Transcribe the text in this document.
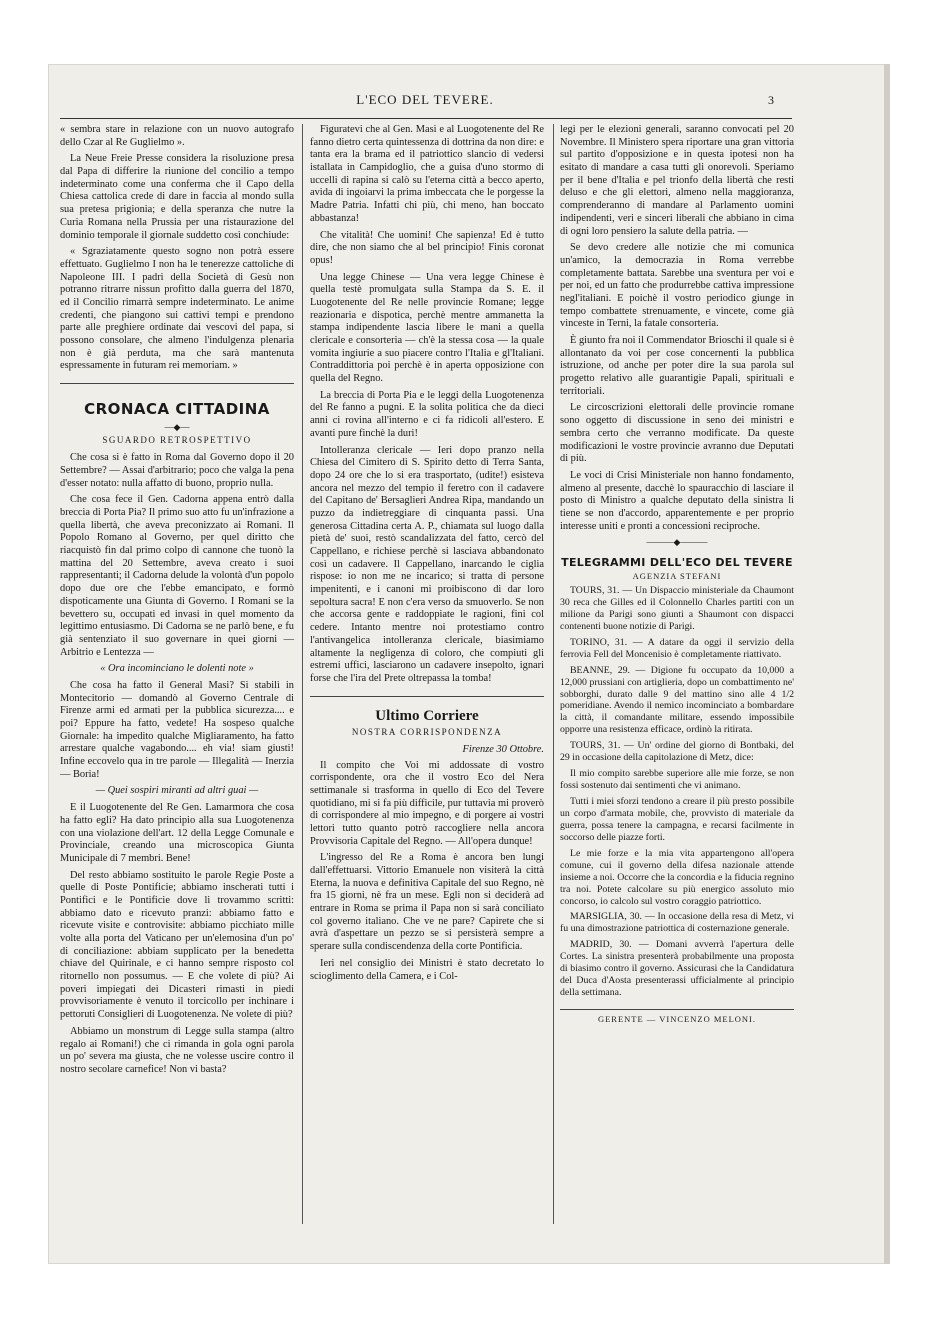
L'ECO DEL TEVERE.	3

« sembra stare in relazione con un nuovo autografo dello Czar al Re Guglielmo ».

La Neue Freie Presse considera la risoluzione presa dal Papa di differire la riunione del concilio a tempo indeterminato come una conferma che il Capo della Chiesa cattolica crede di dare in faccia al mondo sulla sua pretesa prigionia; e della speranza che nutre la Curia Romana nella Prussia per una ristaurazione del dominio temporale il giornale suddetto così conchiude:

« Sgraziatamente questo sogno non potrà essere effettuato. Guglielmo I non ha le tenerezze cattoliche di Napoleone III. I padri della Società di Gesù non potranno ritrarre nissun profitto dalla guerra del 1870, ed il Concilio rimarrà sempre indeterminato. Le anime credenti, che piangono sui cattivi tempi e prendono parte alle preghiere ordinate dai vescovi del papa, si possono consolare, che almeno l'indulgenza plenaria non è già perduta, ma che sarà mantenuta espressamente in futuram rei memoriam. »

CRONACA CITTADINA
—◆—
SGUARDO RETROSPETTIVO

Che cosa si è fatto in Roma dal Governo dopo il 20 Settembre? — Assai d'arbitrario; poco che valga la pena d'esser notato: nulla affatto di buono, proprio nulla.

Che cosa fece il Gen. Cadorna appena entrò dalla breccia di Porta Pia? Il primo suo atto fu un'infrazione a quella libertà, che aveva preconizzato ai Romani. Il Popolo Romano al Governo, per quel diritto che riacquistò fin dal primo colpo di cannone che tuonò la mattina del 20 Settembre, aveva creato i suoi rappresentanti; il Cadorna delude la volontà d'un popolo dopo due ore che l'ebbe emancipato, e formò dispoticamente una Giunta di Governo. I Romani se la bevettero su, occupati ed invasi in quel momento da legittimo entusiasmo. Di Cadorna se ne parlò bene, e fu già sentenziato il suo governare in quei giorni — Arbitrio e Lentezza —

« Ora incominciano le dolenti note »

Che cosa ha fatto il General Masi? Si stabilì in Montecitorio — domandò al Governo Centrale di Firenze armi ed armati per la pubblica sicurezza.... e poi? Eppure ha fatto, vedete! Ha sospeso qualche Giornale: ha impedito qualche Migliaramento, ha fatto arrestare qualche vagabondo.... eh via! siam giusti! Infine eccovelo qua in tre parole — Illegalità — Inerzia — Boria!

— Quei sospiri miranti ad altri guai —

E il Luogotenente del Re Gen. Lamarmora che cosa ha fatto egli? Ha dato principio alla sua Luogotenenza con una violazione dell'art. 12 della Legge Comunale e Provinciale, creando una microscopica Giunta Municipale di 7 membri. Bene!

Del resto abbiamo sostituito le parole Regie Poste a quelle di Poste Pontificie; abbiamo inscherati tutti i Pontifici e le Pontificie dove li trovammo scritti: abbiamo dato e ricevuto pranzi: abbiamo fatto e ricevute visite e controvisite: abbiamo picchiato mille volte alla porta del Vaticano per un'elemosina d'un po' di conciliazione: abbiam supplicato per la benedetta chiave del Quirinale, e ci hanno sempre risposto col ritornello non possumus. — E che volete di più? Ai poveri impiegati dei Dicasteri rimasti in piedi provvisoriamente è venuto il torcicollo per inchinare i pettoruti Consiglieri di Luogotenenza. Ne volete di più?

Abbiamo un monstrum di Legge sulla stampa (altro regalo ai Romani!) che ci rimanda in gola ogni parola un po' severa ma giusta, che ne volesse uscire contro il nostro secolare carnefice! Non vi basta?

Figuratevi che al Gen. Masi e al Luogotenente del Re fanno dietro certa quintessenza di dottrina da non dire: e tanta era la brama ed il patriottico slancio di vedersi istallata in Campidoglio, che a guisa d'uno stormo di uccelli di rapina si calò su l'eterna città a becco aperto, avida di ingoiarvi la prima imbeccata che le porgesse la Madre Patria. Infatti chi più, chi meno, han boccato abbastanza!

Che vitalità! Che uomini! Che sapienza! Ed è tutto dire, che non siamo che al bel principio! Finis coronat opus!

Una legge Chinese — Una vera legge Chinese è quella testè promulgata sulla Stampa da S. E. il Luogotenente del Re nelle provincie Romane; legge reazionaria e dispotica, perchè mentre ammanetta la stampa indipendente lascia libere le mani a quella clericale e consorteria — ch'è la stessa cosa — la quale vomita ingiurie a suo piacere contro l'Italia e gl'Italiani. Contraddittoria poi perchè è in aperta opposizione con quella del Regno.

La breccia di Porta Pia e le leggi della Luogotenenza del Re fanno a pugni. E la solita politica che da dieci anni ci rovina all'interno e ci fa ridicoli all'estero. E avanti pure finchè la duri!

Intolleranza clericale — Ieri dopo pranzo nella Chiesa del Cimitero di S. Spirito detto di Terra Santa, dopo 24 ore che lo si era trasportato, (udite!) esisteva ancora nel mezzo del tempio il feretro con il cadavere del Capitano de' Bersaglieri Andrea Ripa, mandando un puzzo da indietreggiare di cinquanta passi. Una generosa Cittadina certa A. P., chiamata sul luogo dalla pietà de' suoi, restò scandalizzata del fatto, cercò del Cappellano, e richiese perchè si lasciava abbandonato così un cadavere. Il Cappellano, inarcando le ciglia rispose: io non me ne incarico; si tratta di persone impenitenti, e i canoni mi proibiscono di dar loro sepoltura sacra! E non c'era verso da smuoverlo. Se non che accorsa gente e raddoppiate le ragioni, fini col cedere. Intanto mentre noi protestiamo contro l'antivangelica intolleranza clericale, biasimiamo altamente la negligenza di coloro, che compiuti gli estremi uffici, lasciarono un cadavere insepolto, ignari forse che l'ira del Prete oltrepassa la tomba!

Ultimo Corriere
NOSTRA CORRISPONDENZA
Firenze 30 Ottobre.

Il compito che Voi mi addossate di vostro corrispondente, ora che il vostro Eco del Nera settimanale si trasforma in quello di Eco del Tevere quotidiano, mi si fa più difficile, pur tuttavia mi proverò di corrispondere al mio impegno, e di porgere ai vostri lettori tutto quanto potrò raccogliere nella ancora Provvisoria Capitale del Regno. — All'opera dunque!

L'ingresso del Re a Roma è ancora ben lungi dall'effettuarsi. Vittorio Emanuele non visiterà la città Eterna, la nuova e definitiva Capitale del suo Regno, nè fra 15 giorni, nè fra un mese. Egli non si deciderà ad entrare in Roma se prima il Papa non si sarà conciliato col governo italiano. Che ve ne pare? Capirete che si avrà d'aspettare un pezzo se si persisterà sempre a sperare sulla condiscendenza della corte Pontificia.

Ieri nel consiglio dei Ministri è stato decretato lo scioglimento della Camera, e i Col-

legi per le elezioni generali, saranno convocati pel 20 Novembre. Il Ministero spera riportare una gran vittoria sul partito d'opposizione e in questa ipotesi non ha esitato di mandare a casa tutti gli onorevoli. Speriamo per il bene d'Italia e pel trionfo della libertà che resti deluso e che gli elettori, almeno nella maggioranza, comprenderanno di mandare al Parlamento uomini indipendenti, veri e sinceri liberali che abbiano in cima di ogni loro pensiero la salute della patria. —

Se devo credere alle notizie che mi comunica un'amico, la democrazia in Roma verrebbe completamente battata. Sarebbe una sventura per voi e per noi, ed un fatto che produrrebbe cattiva impressione negl'italiani. E poichè il vostro periodico giunge in tempo combattete strenuamente, e vincete, come già vinceste in Terni, la fatale consorteria.

È giunto fra noi il Commendator Brioschi il quale si è allontanato da voi per cose concernenti la pubblica istruzione, od anche per poter dire la sua parola sul progetto relativo alle guarantigie Papali, spirituali e territoriali.

Le circoscrizioni elettorali delle provincie romane sono oggetto di discussione in seno dei ministri e sembra certo che verranno modificate. Da queste modificazioni le vostre provincie avranno due Deputati di più.

Le voci di Crisi Ministeriale non hanno fondamento, almeno al presente, dacchè lo spauracchio di lasciare il posto di Ministro a qualche deputato della sinistra li tiene se non d'accordo, apparentemente e per proprio interesse uniti e pronti a concessioni reciproche.

———◆———
TELEGRAMMI DELL'ECO DEL TEVERE
AGENZIA STEFANI

TOURS, 31. — Un Dispaccio ministeriale da Chaumont 30 reca che Gilles ed il Colonnello Charles partiti con un milione da Parigi sono giunti a Shaumont con dispacci contenenti buone notizie di Parigi.

TORINO, 31. — A datare da oggi il servizio della ferrovia Fell del Moncenisio è completamente riattivato.

BEANNE, 29. — Digione fu occupato da 10,000 a 12,000 prussiani con artiglieria, dopo un combattimento ne' sobborghi, durato dalle 9 del mattino sino alle 4 1/2 pomeridiane. Avendo il nemico incominciato a bombardare la città, il comandante militare, essendo impossibile opporre una resistenza efficace, ordinò la ritirata.

TOURS, 31. — Un' ordine del giorno di Bontbaki, del 29 in occasione della capitolazione di Metz, dice:

Il mio compito sarebbe superiore alle mie forze, se non fossi sostenuto dai sentimenti che vi animano.

Tutti i miei sforzi tendono a creare il più presto possibile un corpo d'armata mobile, che, provvisto di materiale da guerra, possa tenere la campagna, e recarsi facilmente in soccorso delle piazze forti.

Le mie forze e la mia vita appartengono all'opera comune, cui il governo della difesa nazionale attende insieme a noi. Occorre che la concordia e la fiducia regnino tra noi. Potete calcolare su più energico assoluto mio concorso, io calcolo sul vostro coraggio patriottico.

MARSIGLIA, 30. — In occasione della resa di Metz, vi fu una dimostrazione patriottica di costernazione generale.

MADRID, 30. — Domani avverrà l'apertura delle Cortes. La sinistra presenterà probabilmente una proposta di biasimo contro il governo. Assicurasi che la Candidatura del Duca d'Aosta presenterassi ufficialmente al principio della settimana.

GERENTE — VINCENZO MELONI.
